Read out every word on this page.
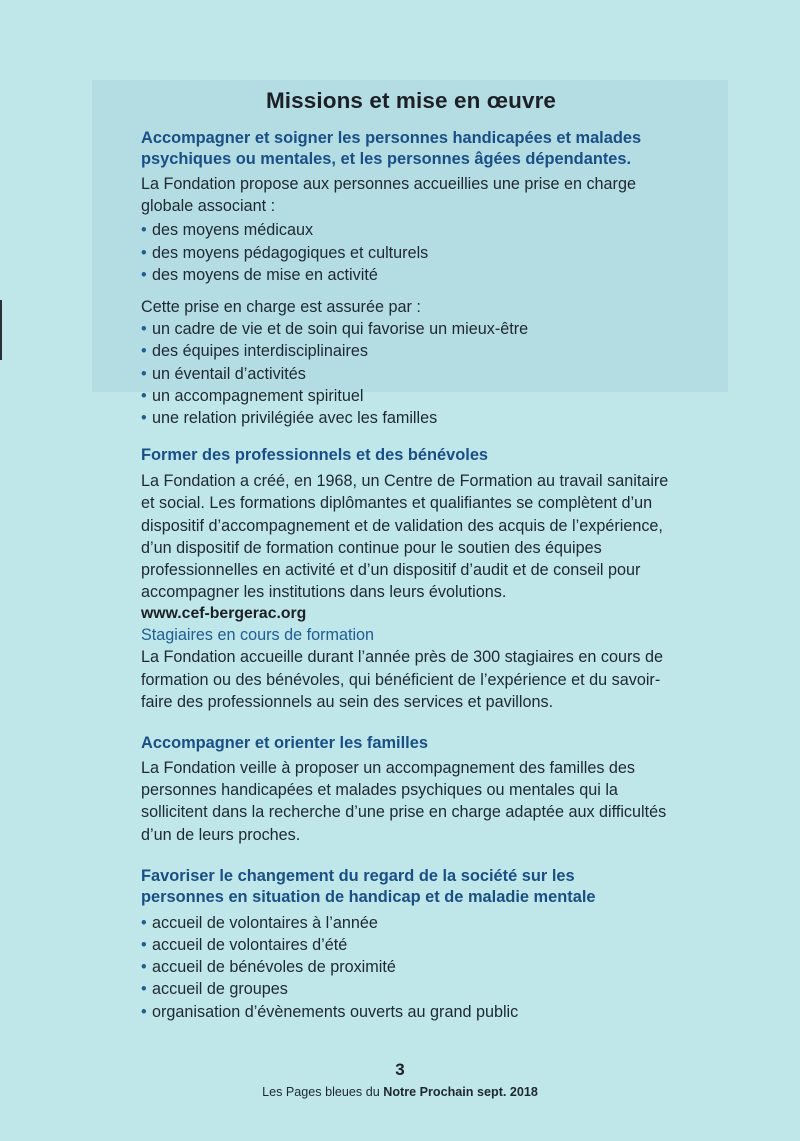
Missions et mise en œuvre
Accompagner et soigner les personnes handicapées et malades psychiques ou mentales, et les personnes âgées dépendantes.

La Fondation propose aux personnes accueillies une prise en charge globale associant :

• des moyens médicaux
• des moyens pédagogiques et culturels
• des moyens de mise en activité

Cette prise en charge est assurée par :

• un cadre de vie et de soin qui favorise un mieux-être
• des équipes interdisciplinaires
• un éventail d’activités
• un accompagnement spirituel
• une relation privilégiée avec les familles
Former des professionnels et des bénévoles

La Fondation a créé, en 1968, un Centre de Formation au travail sanitaire et social. Les formations diplômantes et qualifiantes se complètent d’un dispositif d’accompagnement et de validation des acquis de l’expérience, d’un dispositif de formation continue pour le soutien des équipes professionnelles en activité et d’un dispositif d’audit et de conseil pour accompagner les institutions dans leurs évolutions.

www.cef-bergerac.org
Stagiaires en cours de formation

La Fondation accueille durant l’année près de 300 stagiaires en cours de formation ou des bénévoles, qui bénéficient de l’expérience et du savoir-faire des professionnels au sein des services et pavillons.

Accompagner et orienter les familles

La Fondation veille à proposer un accompagnement des familles des personnes handicapées et malades psychiques ou mentales qui la sollicitent dans la recherche d’une prise en charge adaptée aux difficultés d’un de leurs proches.

Favoriser le changement du regard de la société sur les personnes en situation de handicap et de maladie mentale
• accueil de volontaires à l’année
• accueil de volontaires d’été
• accueil de bénévoles de proximité
• accueil de groupes
• organisation d’évènements ouverts au grand public
3
Les Pages bleues du Notre Prochain sept. 2018
